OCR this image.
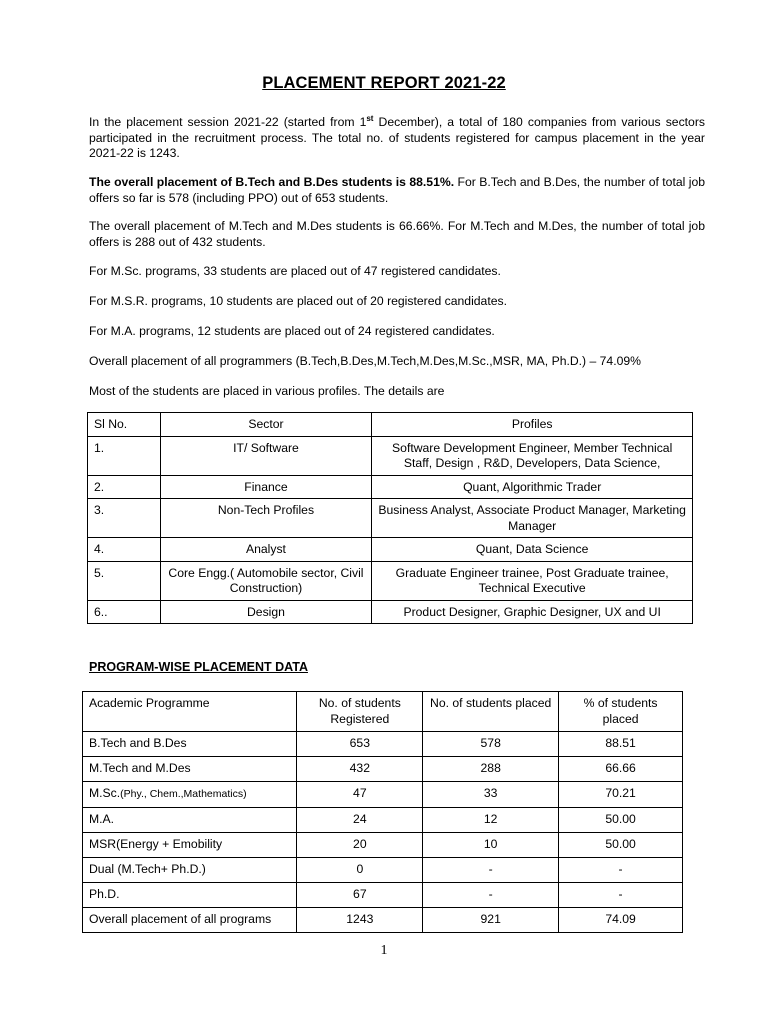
PLACEMENT REPORT 2021-22
In the placement session 2021-22 (started from 1st December), a total of 180 companies from various sectors participated in the recruitment process. The total no. of students registered for campus placement in the year 2021-22 is 1243.
The overall placement of B.Tech and B.Des students is 88.51%. For B.Tech and B.Des, the number of total job offers so far is 578 (including PPO) out of 653 students.
The overall placement of M.Tech and M.Des students is 66.66%. For M.Tech and M.Des, the number of total job offers is 288 out of 432 students.
For M.Sc. programs, 33 students are placed out of 47 registered candidates.
For M.S.R. programs, 10 students are placed out of 20 registered candidates.
For M.A. programs, 12 students are placed out of 24 registered candidates.
Overall placement of all programmers (B.Tech,B.Des,M.Tech,M.Des,M.Sc.,MSR, MA, Ph.D.) – 74.09%
Most of the students are placed in various profiles. The details are
Sl No.	Sector	Profiles
1.	IT/ Software	Software Development Engineer, Member Technical Staff, Design , R&D, Developers, Data Science,
2.	Finance	Quant, Algorithmic Trader
3.	Non-Tech Profiles	Business Analyst, Associate Product Manager, Marketing Manager
4.	Analyst	Quant, Data Science
5.	Core Engg.( Automobile sector, Civil Construction)	Graduate Engineer trainee, Post Graduate trainee, Technical Executive
6..	Design	Product Designer, Graphic Designer, UX and UI
PROGRAM-WISE PLACEMENT DATA
Academic Programme	No. of students Registered	No. of students placed	% of students placed
B.Tech and B.Des	653	578	88.51
M.Tech and M.Des	432	288	66.66
M.Sc.(Phy., Chem.,Mathematics)	47	33	70.21
M.A.	24	12	50.00
MSR(Energy + Emobility	20	10	50.00
Dual (M.Tech+ Ph.D.)	0	-	-
Ph.D.	67	-	-
Overall placement of all programs	1243	921	74.09
1
